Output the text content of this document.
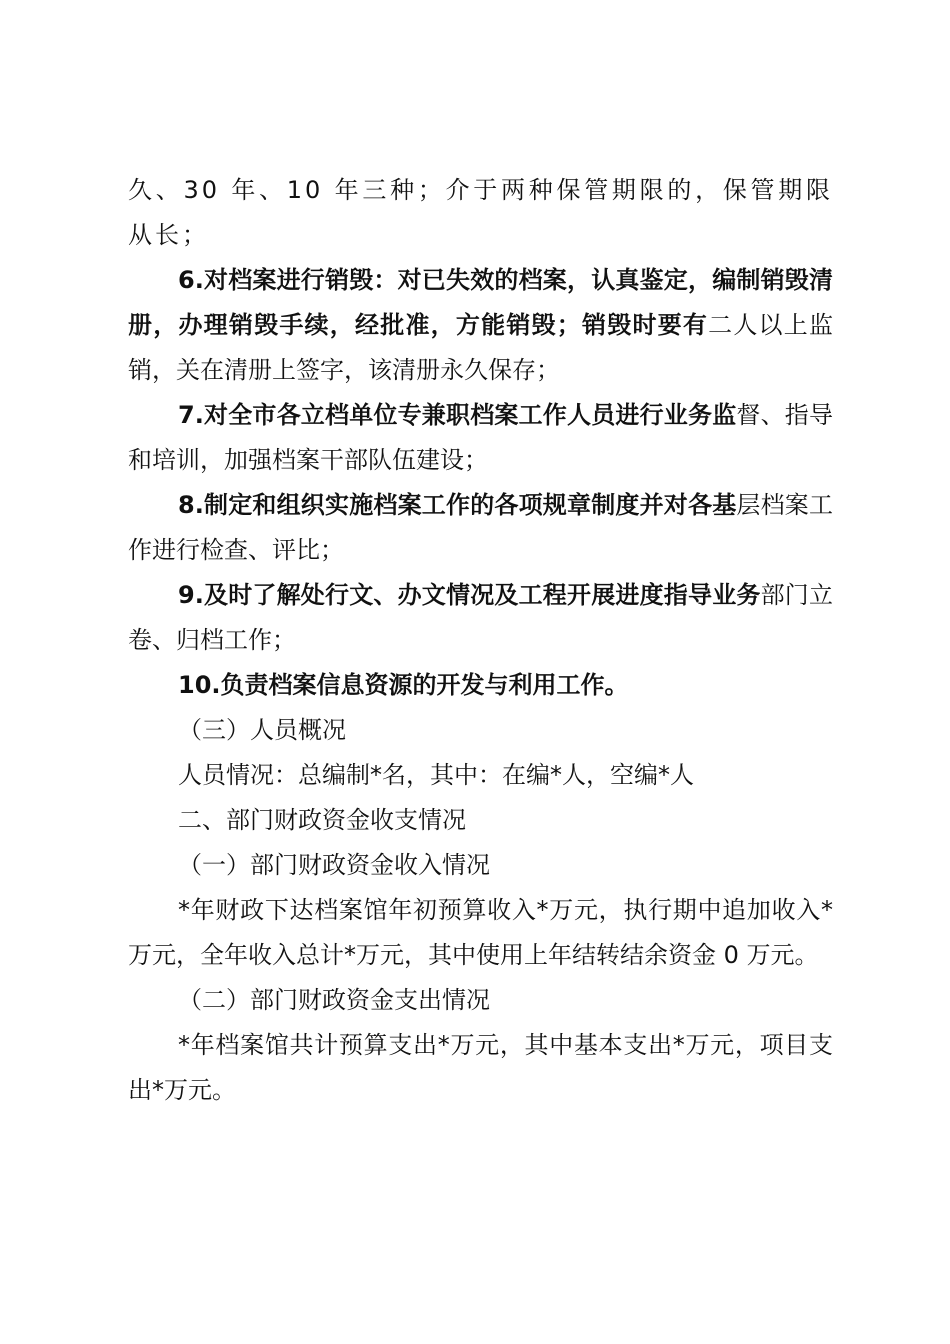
久、30 年、10 年三种；介于两种保管期限的，保管期限从长；

6.对档案进行销毁：对已失效的档案，认真鉴定，编制销毁清册，办理销毁手续，经批准，方能销毁；销毁时要有二人以上监销，关在清册上签字，该清册永久保存；

7.对全市各立档单位专兼职档案工作人员进行业务监督、指导和培训，加强档案干部队伍建设；

8.制定和组织实施档案工作的各项规章制度并对各基层档案工作进行检查、评比；

9.及时了解处行文、办文情况及工程开展进度指导业务部门立卷、归档工作；

10.负责档案信息资源的开发与利用工作。

（三）人员概况

人员情况：总编制*名，其中：在编*人，空编*人

二、部门财政资金收支情况

（一）部门财政资金收入情况

*年财政下达档案馆年初预算收入*万元，执行期中追加收入*万元，全年收入总计*万元，其中使用上年结转结余资金 0 万元。

（二）部门财政资金支出情况

*年档案馆共计预算支出*万元，其中基本支出*万元，项目支出*万元。
